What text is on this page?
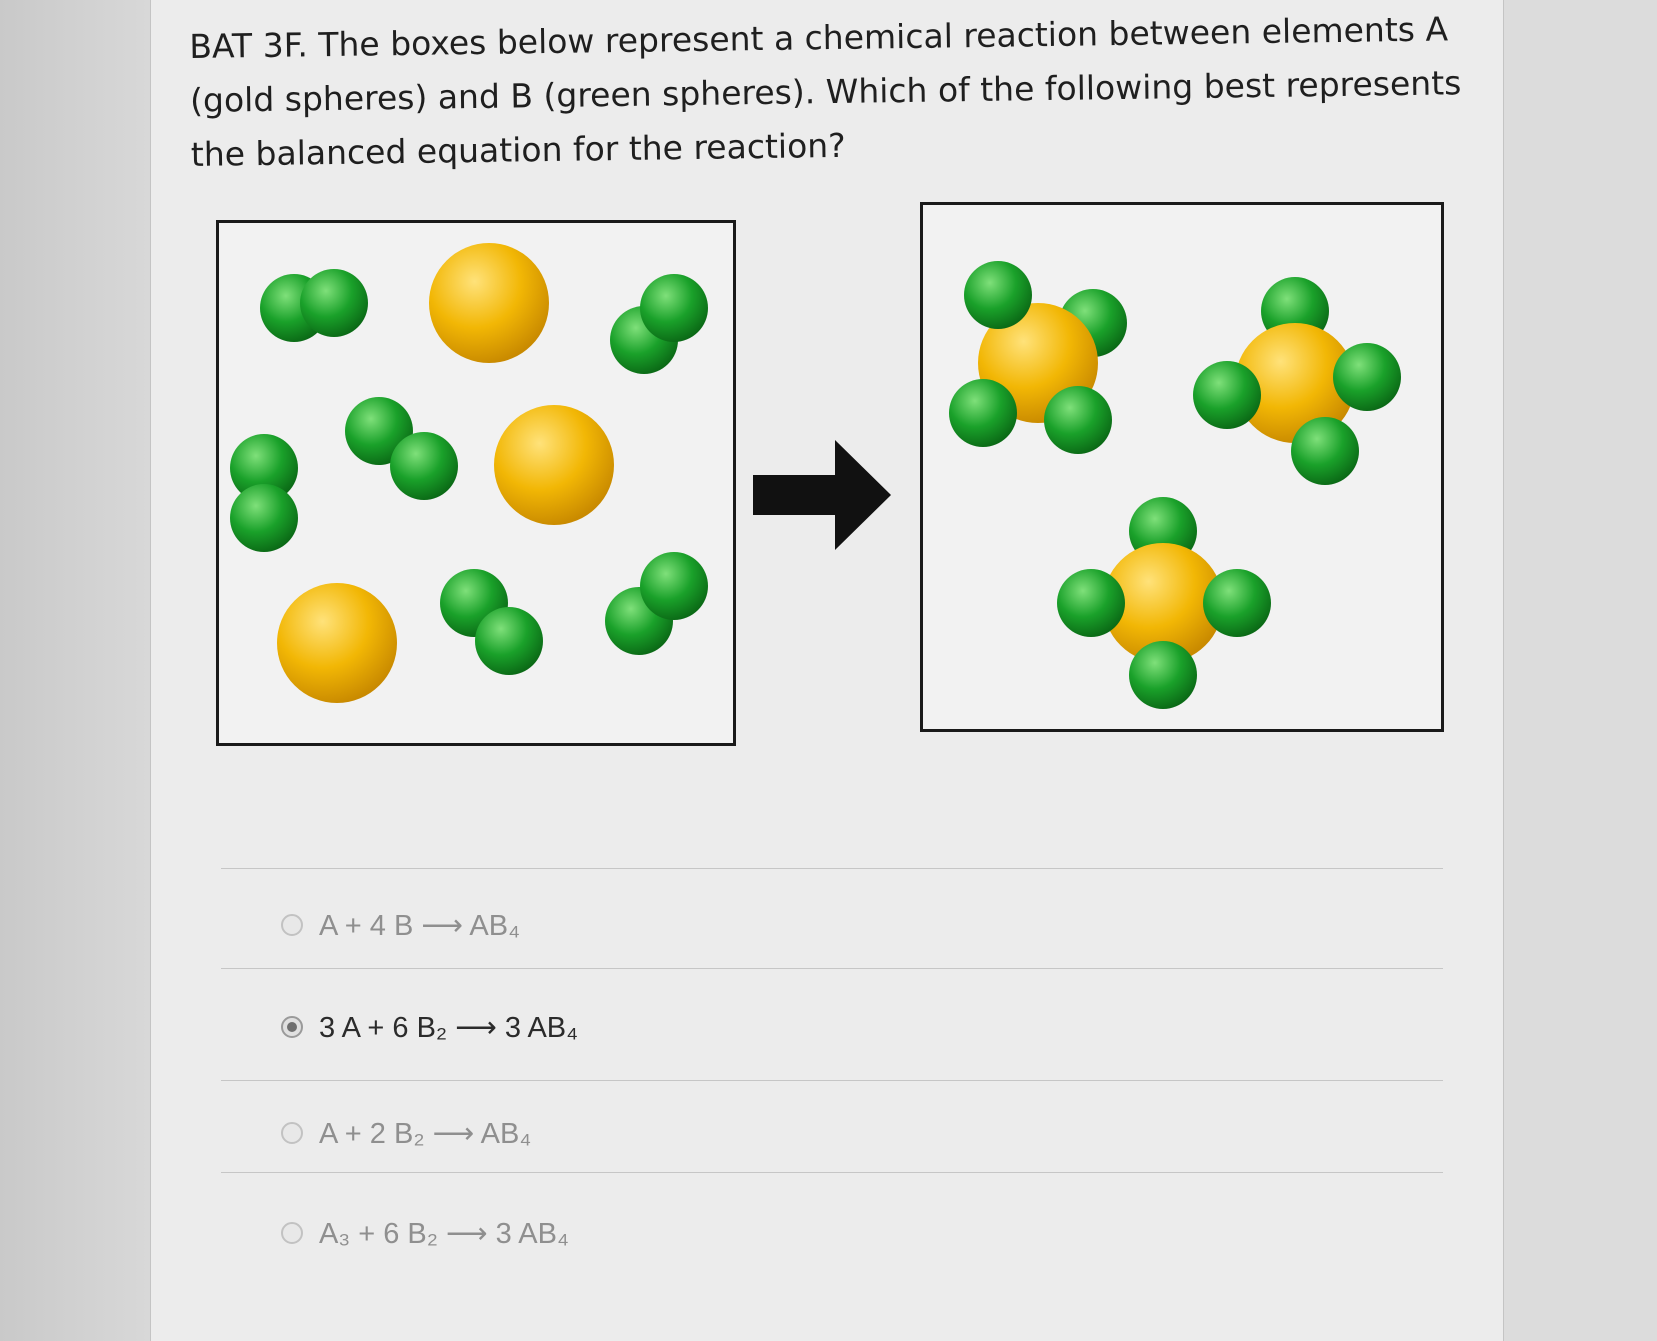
BAT 3F. The boxes below represent a chemical reaction between elements A (gold spheres) and B (green spheres). Which of the following best represents the balanced equation for the reaction?

A + 4 B ⟶ AB₄
3 A + 6 B₂ ⟶ 3 AB₄
A + 2 B₂ ⟶ AB₄
A₃ + 6 B₂ ⟶ 3 AB₄
